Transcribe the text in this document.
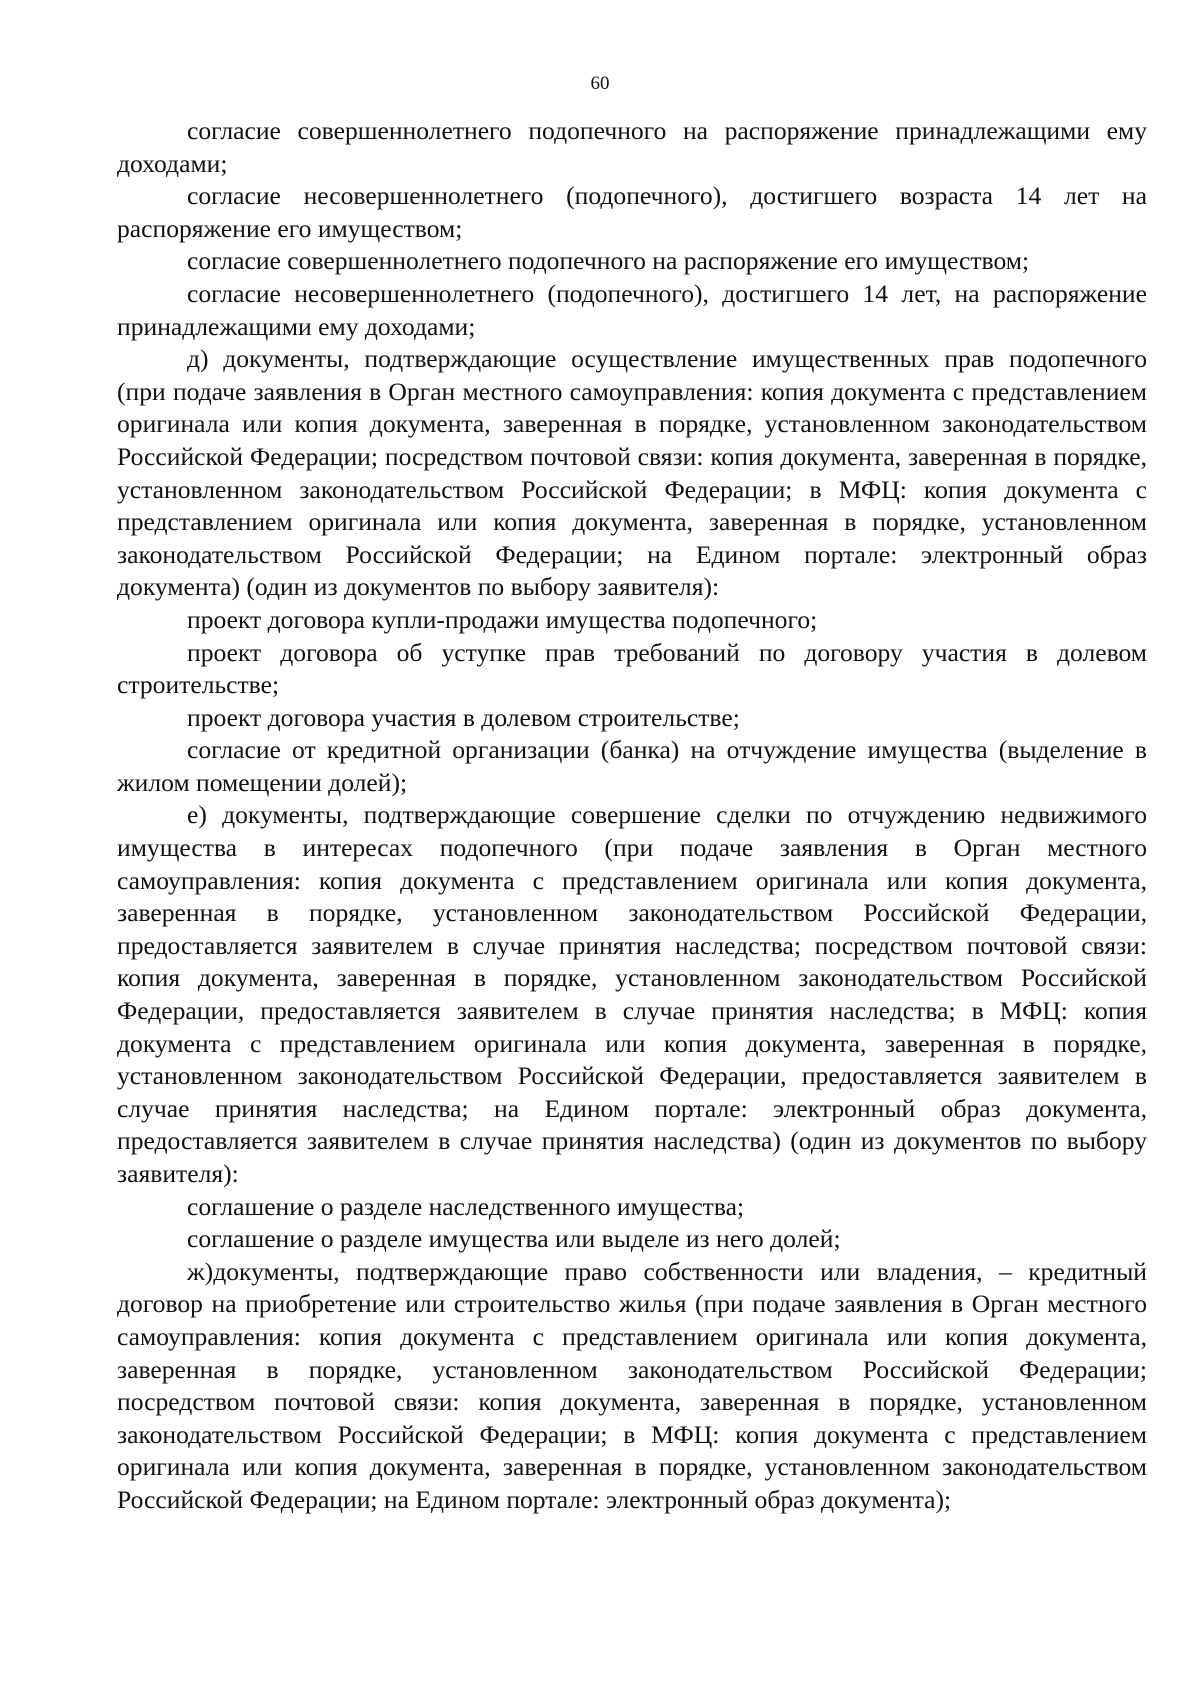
60

согласие совершеннолетнего подопечного на распоряжение принадлежащими ему доходами;

согласие несовершеннолетнего (подопечного), достигшего возраста 14 лет на распоряжение его имуществом;

согласие совершеннолетнего подопечного на распоряжение его имуществом;

согласие несовершеннолетнего (подопечного), достигшего 14 лет, на распоряжение принадлежащими ему доходами;

д) документы, подтверждающие осуществление имущественных прав подопечного (при подаче заявления в Орган местного самоуправления: копия документа с представлением оригинала или копия документа, заверенная в порядке, установленном законодательством Российской Федерации; посредством почтовой связи: копия документа, заверенная в порядке, установленном законодательством Российской Федерации; в МФЦ: копия документа с представлением оригинала или копия документа, заверенная в порядке, установленном законодательством Российской Федерации; на Едином портале: электронный образ документа) (один из документов по выбору заявителя):

проект договора купли-продажи имущества подопечного;

проект договора об уступке прав требований по договору участия в долевом строительстве;

проект договора участия в долевом строительстве;

согласие от кредитной организации (банка) на отчуждение имущества (выделение в жилом помещении долей);

е) документы, подтверждающие совершение сделки по отчуждению недвижимого имущества в интересах подопечного (при подаче заявления в Орган местного самоуправления: копия документа с представлением оригинала или копия документа, заверенная в порядке, установленном законодательством Российской Федерации, предоставляется заявителем в случае принятия наследства; посредством почтовой связи: копия документа, заверенная в порядке, установленном законодательством Российской Федерации, предоставляется заявителем в случае принятия наследства; в МФЦ: копия документа с представлением оригинала или копия документа, заверенная в порядке, установленном законодательством Российской Федерации, предоставляется заявителем в случае принятия наследства; на Едином портале: электронный образ документа, предоставляется заявителем в случае принятия наследства) (один из документов по выбору заявителя):

соглашение о разделе наследственного имущества;

соглашение о разделе имущества или выделе из него долей;

ж)документы, подтверждающие право собственности или владения, – кредитный договор на приобретение или строительство жилья (при подаче заявления в Орган местного самоуправления: копия документа с представлением оригинала или копия документа, заверенная в порядке, установленном законодательством Российской Федерации; посредством почтовой связи: копия документа, заверенная в порядке, установленном законодательством Российской Федерации; в МФЦ: копия документа с представлением оригинала или копия документа, заверенная в порядке, установленном законодательством Российской Федерации; на Едином портале: электронный образ документа);
